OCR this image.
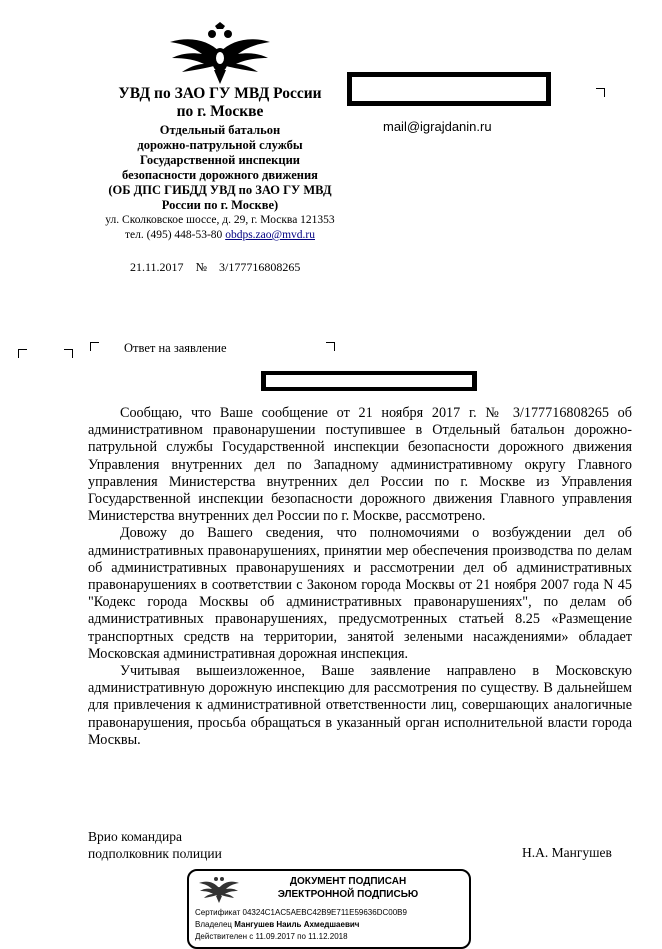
УВД по ЗАО ГУ МВД России
по г. Москве
Отдельный батальон
дорожно-патрульной службы
Государственной инспекции
безопасности дорожного движения
(ОБ ДПС ГИБДД УВД по ЗАО ГУ МВД
России по г. Москве)
ул. Сколковское шоссе, д. 29, г. Москва 121353
тел. (495) 448-53-80 obdps.zao@mvd.ru
21.11.2017 № 3/177716808265
mail@igrajdanin.ru
Ответ на заявление

Сообщаю, что Ваше сообщение от 21 ноября 2017 г. № 3/177716808265 об административном правонарушении поступившее в Отдельный батальон дорожно-патрульной службы Государственной инспекции безопасности дорожного движения Управления внутренних дел по Западному административному округу Главного управления Министерства внутренних дел России по г. Москве из Управления Государственной инспекции безопасности дорожного движения Главного управления Министерства внутренних дел России по г. Москве, рассмотрено.

Довожу до Вашего сведения, что полномочиями о возбуждении дел об административных правонарушениях, принятии мер обеспечения производства по делам об административных правонарушениях и рассмотрении дел об административных правонарушениях в соответствии с Законом города Москвы от 21 ноября 2007 года N 45 "Кодекс города Москвы об административных правонарушениях", по делам об административных правонарушениях, предусмотренных статьей 8.25 «Размещение транспортных средств на территории, занятой зелеными насаждениями» обладает Московская административная дорожная инспекция.

Учитывая вышеизложенное, Ваше заявление направлено в Московскую административную дорожную инспекцию для рассмотрения по существу. В дальнейшем для привлечения к административной ответственности лиц, совершающих аналогичные правонарушения, просьба обращаться в указанный орган исполнительной власти города Москвы.

Врио командира
подполковник полиции	Н.А. Мангушев
ДОКУМЕНТ ПОДПИСАН
ЭЛЕКТРОННОЙ ПОДПИСЬЮ
Сертификат 04324C1AC5AEBC42B9E711E59636DC00B9
Владелец Мангушев Наиль Ахмедшаевич
Действителен с 11.09.2017 по 11.12.2018
